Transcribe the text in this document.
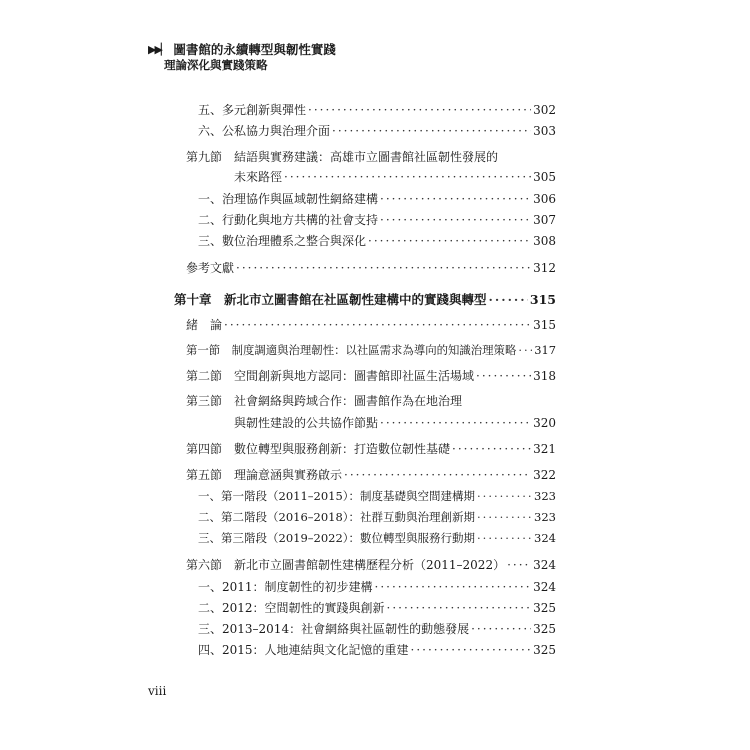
▶▶▏ 圖書館的永續轉型與韌性實踐
理論深化與實踐策略
五、多元創新與彈性 ·····	302
六、公私協力與治理介面 ·····	303
第九節　結語與實務建議：高雄市立圖書館社區韌性發展的
未來路徑 ·····	305
一、治理協作與區域韌性網絡建構 ·····	306
二、行動化與地方共構的社會支持 ·····	307
三、數位治理體系之整合與深化 ·····	308
參考文獻 ·····	312
第十章　新北市立圖書館在社區韌性建構中的實踐與轉型 ·····	315
緒　論 ·····	315
第一節　制度調適與治理韌性：以社區需求為導向的知識治理策略 ····· 317
第二節　空間創新與地方認同：圖書館即社區生活場域 ·····	318
第三節　社會網絡與跨域合作：圖書館作為在地治理
與韌性建設的公共協作節點 ·····	320
第四節　數位轉型與服務創新：打造數位韌性基礎 ·····	321
第五節　理論意涵與實務啟示 ·····	322
一、第一階段（2011–2015）：制度基礎與空間建構期 ·····	323
二、第二階段（2016–2018）：社群互動與治理創新期 ·····	323
三、第三階段（2019–2022）：數位轉型與服務行動期 ·····	324
第六節　新北市立圖書館韌性建構歷程分析（2011–2022） ····· 324
一、2011：制度韌性的初步建構 ·····	324
二、2012：空間韌性的實踐與創新 ·····	325
三、2013–2014：社會網絡與社區韌性的動態發展 ·····	325
四、2015：人地連結與文化記憶的重建 ·····	325
viii
